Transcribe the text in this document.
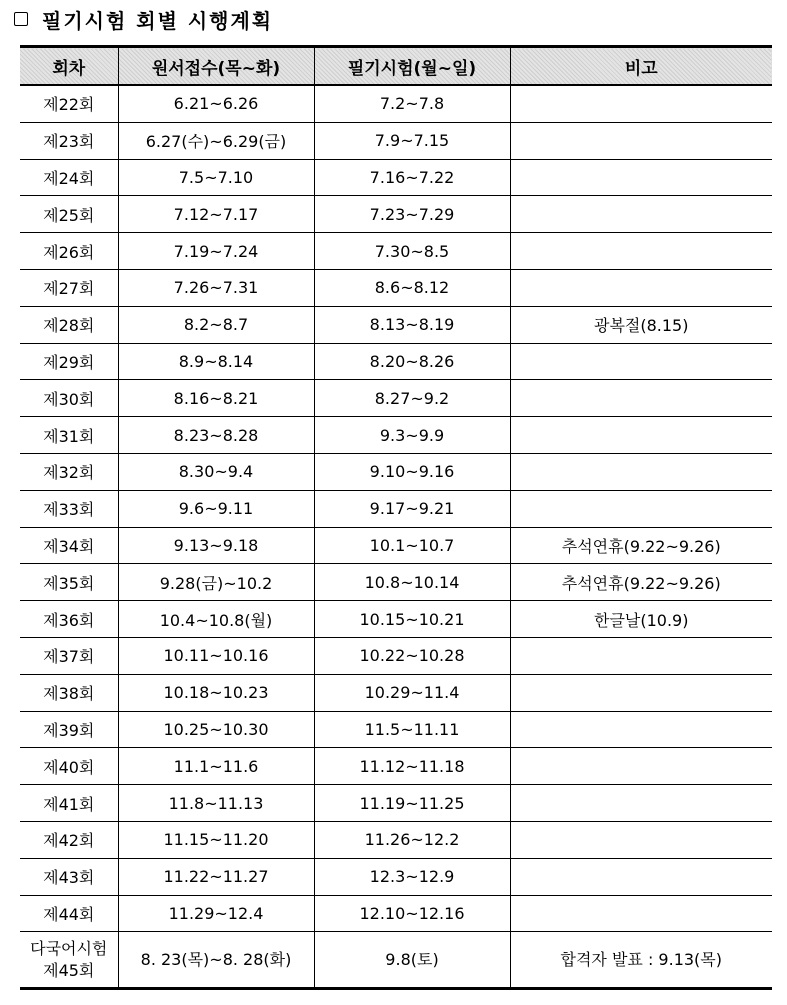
필기시험 회별 시행계획
회차	원서접수(목~화)	필기시험(월~일)	비고
제22회	6.21~6.26	7.2~7.8	
제23회	6.27(수)~6.29(금)	7.9~7.15	
제24회	7.5~7.10	7.16~7.22	
제25회	7.12~7.17	7.23~7.29	
제26회	7.19~7.24	7.30~8.5	
제27회	7.26~7.31	8.6~8.12	
제28회	8.2~8.7	8.13~8.19	광복절(8.15)
제29회	8.9~8.14	8.20~8.26	
제30회	8.16~8.21	8.27~9.2	
제31회	8.23~8.28	9.3~9.9	
제32회	8.30~9.4	9.10~9.16	
제33회	9.6~9.11	9.17~9.21	
제34회	9.13~9.18	10.1~10.7	추석연휴(9.22~9.26)
제35회	9.28(금)~10.2	10.8~10.14	추석연휴(9.22~9.26)
제36회	10.4~10.8(월)	10.15~10.21	한글날(10.9)
제37회	10.11~10.16	10.22~10.28	
제38회	10.18~10.23	10.29~11.4	
제39회	10.25~10.30	11.5~11.11	
제40회	11.1~11.6	11.12~11.18	
제41회	11.8~11.13	11.19~11.25	
제42회	11.15~11.20	11.26~12.2	
제43회	11.22~11.27	12.3~12.9	
제44회	11.29~12.4	12.10~12.16	

다국어시험
제45회	8. 23(목)~8. 28(화)	9.8(토)	합격자 발표 : 9.13(목)
